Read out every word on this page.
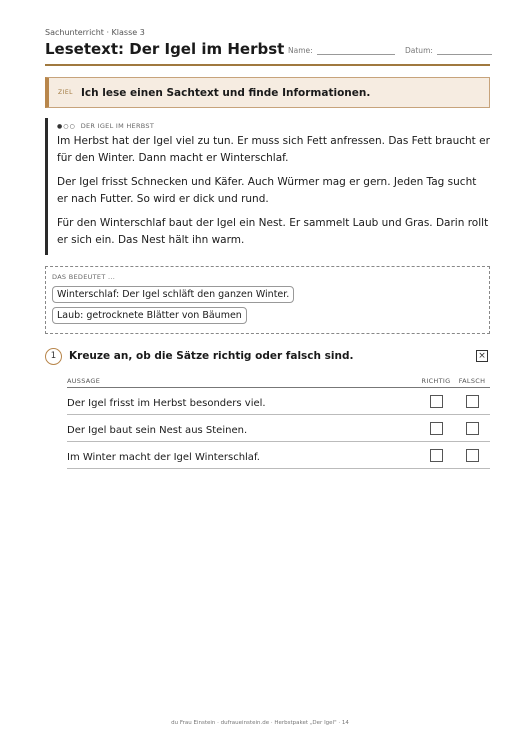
Sachunterricht · Klasse 3
Lesetext: Der Igel im Herbst Name:	Datum:
ZIEL Ich lese einen Sachtext und finde Informationen.
●○○ DER IGEL IM HERBST

Im Herbst hat der Igel viel zu tun. Er muss sich Fett anfressen. Das Fett braucht er für den Winter. Dann macht er Winterschlaf.

Der Igel frisst Schnecken und Käfer. Auch Würmer mag er gern. Jeden Tag sucht er nach Futter. So wird er dick und rund.

Für den Winterschlaf baut der Igel ein Nest. Er sammelt Laub und Gras. Darin rollt er sich ein. Das Nest hält ihn warm.

DAS BEDEUTET ...
Winterschlaf: Der Igel schläft den ganzen Winter.
Laub: getrocknete Blätter von Bäumen
1	Kreuze an, ob die Sätze richtig oder falsch sind.	×
AUSSAGE	RICHTIG	FALSCH
Der Igel frisst im Herbst besonders viel.
Der Igel baut sein Nest aus Steinen.
Im Winter macht der Igel Winterschlaf.
du Frau Einstein · dufraueinstein.de · Herbstpaket „Der Igel" · 14
